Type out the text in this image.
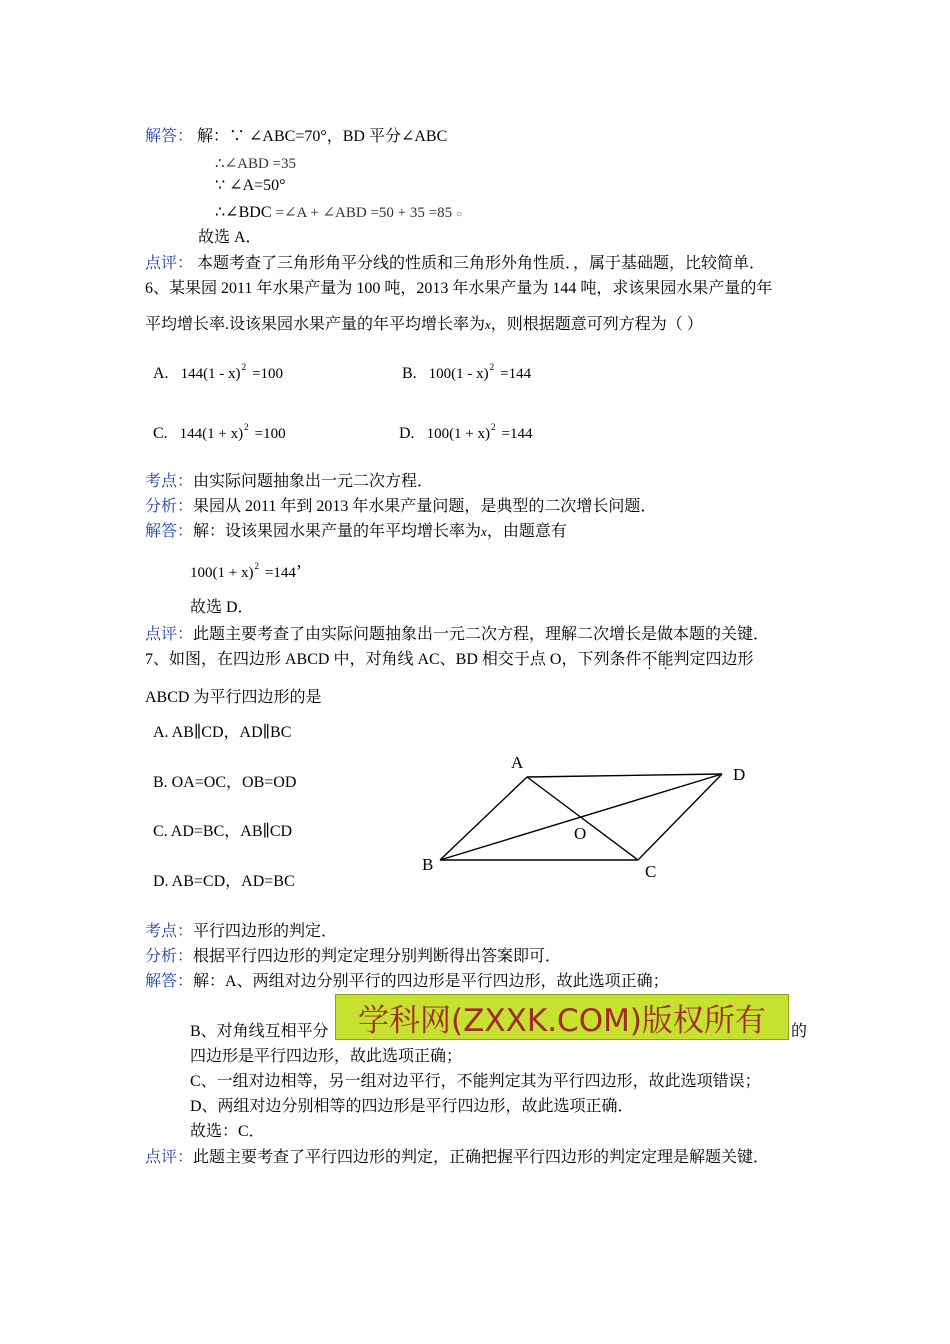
解答： 解：∵ ∠ABC=70°，BD 平分∠ABC
∴∠ABD =35
∵ ∠A=50°
∴∠BDC =∠A + ∠ABD =50 + 35 =85 ○
故选 A．
点评： 本题考查了三角形角平分线的性质和三角形外角性质．，属于基础题，比较简单．
6、某果园 2011 年水果产量为 100 吨，2013 年水果产量为 144 吨，求该果园水果产量的年
平均增长率.设该果园水果产量的年平均增长率为x，则根据题意可列方程为（ ）
A. 144(1 - x)$^2$ =100	B. 100(1 - x)$^2$ =144
C. $144(1 + x)^2 =100$	D. $100(1 + x)^2 =144$
考点：由实际问题抽象出一元二次方程．
分析：果园从 2011 年到 2013 年水果产量问题，是典型的二次增长问题．
解答：解：设该果园水果产量的年平均增长率为x，由题意有
$100(1 + x)^2 =144$’
故选 D．
点评：此题主要考查了由实际问题抽象出一元二次方程，理解二次增长是做本题的关键．
7、如图，在四边形 ABCD 中，对角线 AC、BD 相交于点 O，下列条件不能判定四边形
ABCD 为平行四边形的是
A. AB∥CD，AD∥BC
B. OA=OC，OB=OD
C. AD=BC，AB∥CD
D. AB=CD，AD=BC
A
D
O
B	C
考点：平行四边形的判定．
分析：根据平行四边形的判定定理分别判断得出答案即可．
解答：解：A、两组对边分别平行的四边形是平行四边形，故此选项正确；
B、对角线互相平分	的
四边形是平行四边形，故此选项正确；
C、一组对边相等，另一组对边平行，不能判定其为平行四边形，故此选项错误；
D、两组对边分别相等的四边形是平行四边形，故此选项正确．
故选：C．
点评：此题主要考查了平行四边形的判定，正确把握平行四边形的判定定理是解题关键．
学科网(ZXXK.COM)版权所有
